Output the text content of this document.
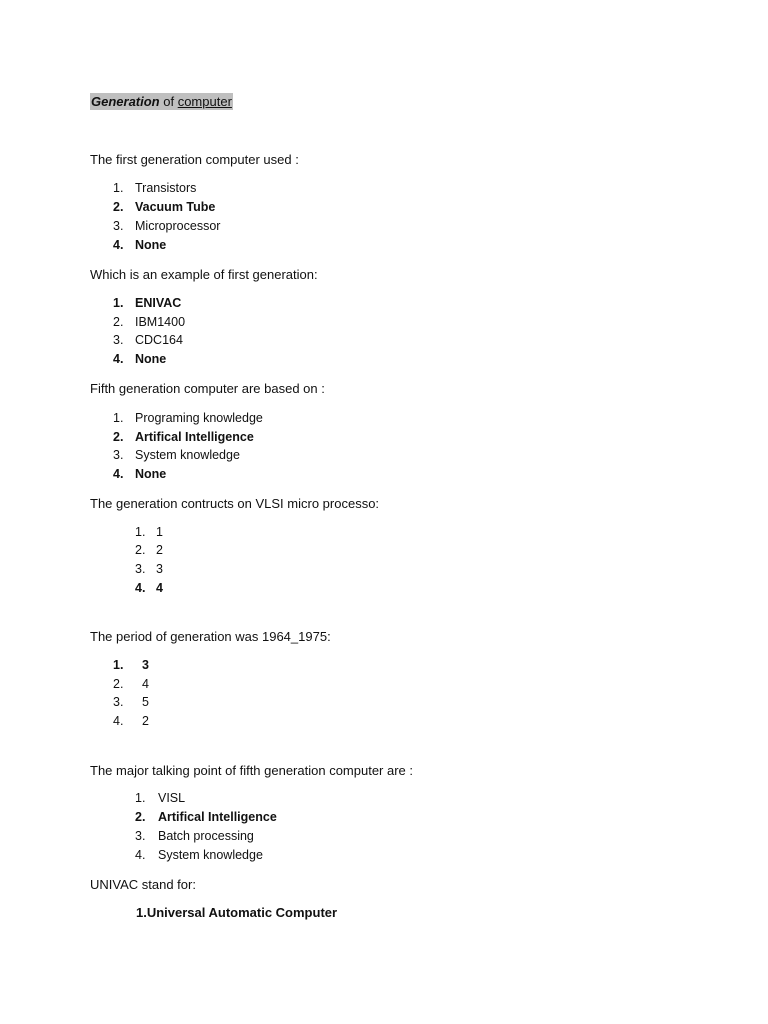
Generation of computer
The first generation computer used :
1. Transistors
2. Vacuum Tube
3. Microprocessor
4. None
Which is an example of first generation:
1. ENIVAC
2. IBM1400
3. CDC164
4. None
Fifth generation computer are based on :
1. Programing knowledge
2. Artifical Intelligence
3. System knowledge
4. None
The generation contructs on VLSI micro processo:
1. 1
2. 2
3. 3
4. 4
The period of generation was 1964_1975:
1. 3
2. 4
3. 5
4. 2
The major talking point of fifth generation computer are :
1. VISL
2. Artifical Intelligence
3. Batch processing
4. System knowledge
UNIVAC stand for:
1.Universal Automatic Computer
